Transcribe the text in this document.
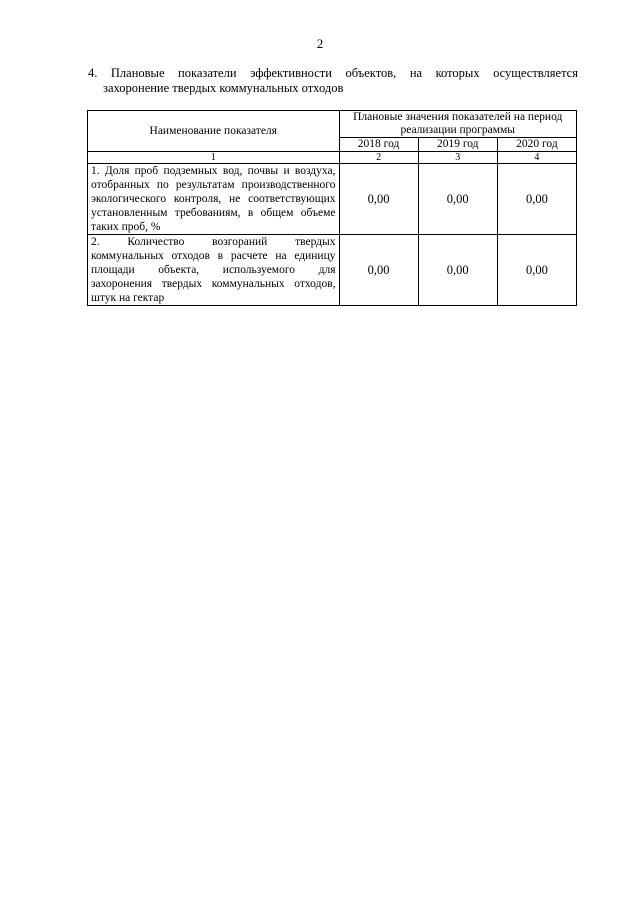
2
4. Плановые показатели эффективности объектов, на которых осуществляется
захоронение твердых коммунальных отходов
Наименование показателя	Плановые значения показателей на период реализации программы		
	2018 год	2019 год	2020 год
1	2	3	4
1. Доля проб подземных вод, почвы и воздуха, отобранных по результатам производственного экологического контроля, не соответствующих установленным требованиям, в общем объеме таких проб, %	0,00	0,00	0,00
2. Количество возгораний твердых коммунальных отходов в расчете на единицу площади объекта, используемого для захоронения твердых коммунальных отходов, штук на гектар	0,00	0,00	0,00
